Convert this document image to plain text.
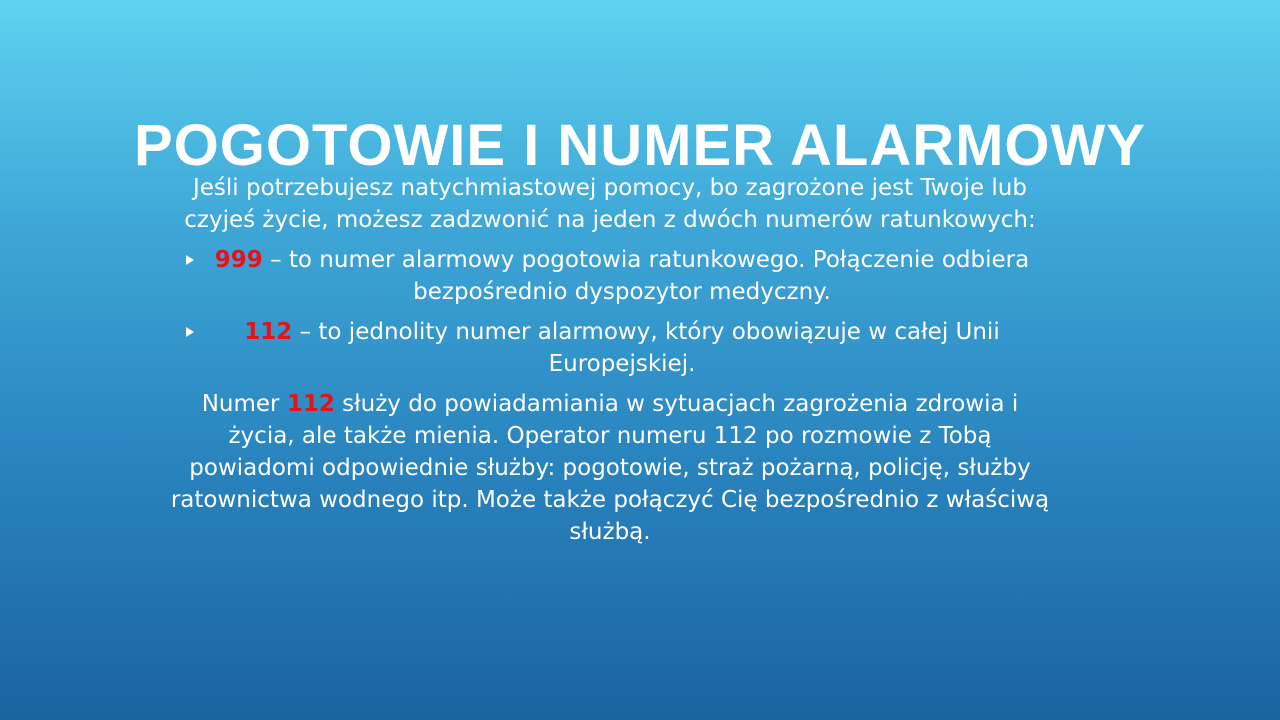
POGOTOWIE I NUMER ALARMOWY

Jeśli potrzebujesz natychmiastowej pomocy, bo zagrożone jest Twoje lub czyjeś życie, możesz zadzwonić na jeden z dwóch numerów ratunkowych:

999 – to numer alarmowy pogotowia ratunkowego. Połączenie odbiera bezpośrednio dyspozytor medyczny.
112 – to jednolity numer alarmowy, który obowiązuje w całej Unii Europejskiej.

Numer 112 służy do powiadamiania w sytuacjach zagrożenia zdrowia i życia, ale także mienia. Operator numeru 112 po rozmowie z Tobą powiadomi odpowiednie służby: pogotowie, straż pożarną, policję, służby ratownictwa wodnego itp. Może także połączyć Cię bezpośrednio z właściwą służbą.
